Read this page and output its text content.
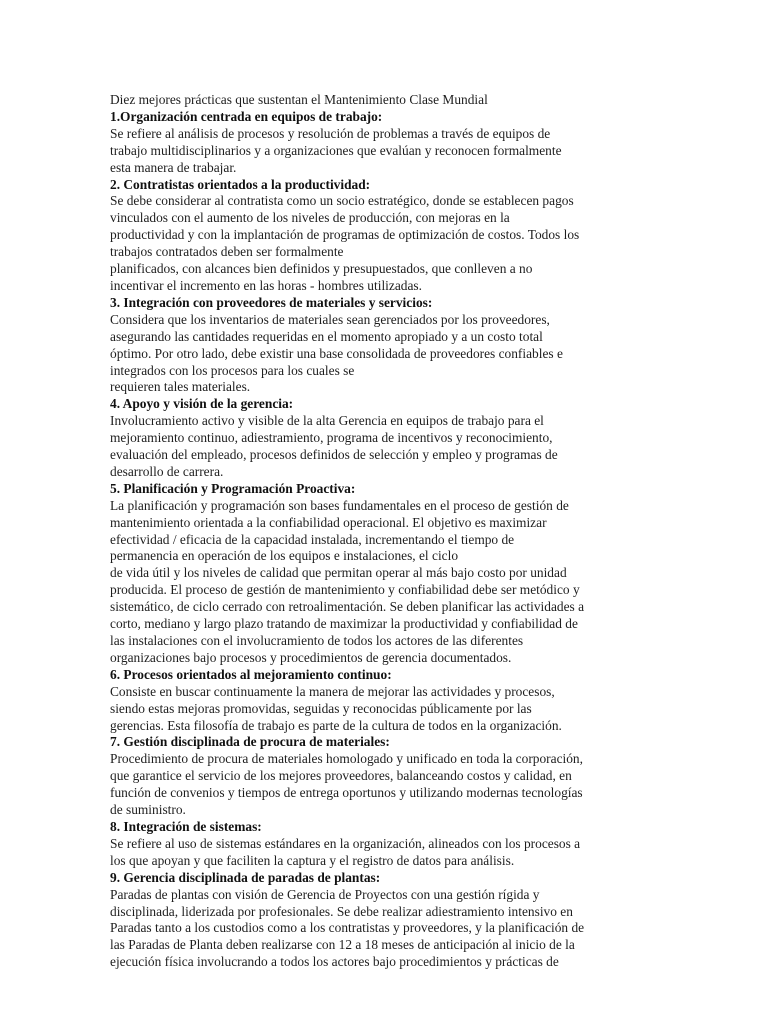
Diez mejores prácticas que sustentan el Mantenimiento Clase Mundial
1.Organización centrada en equipos de trabajo:
Se refiere al análisis de procesos y resolución de problemas a través de equipos de
trabajo multidisciplinarios y a organizaciones que evalúan y reconocen formalmente
esta manera de trabajar.
2. Contratistas orientados a la productividad:
Se debe considerar al contratista como un socio estratégico, donde se establecen pagos
vinculados con el aumento de los niveles de producción, con mejoras en la
productividad y con la implantación de programas de optimización de costos. Todos los
trabajos contratados deben ser formalmente
planificados, con alcances bien definidos y presupuestados, que conlleven a no
incentivar el incremento en las horas - hombres utilizadas.
3. Integración con proveedores de materiales y servicios:
Considera que los inventarios de materiales sean gerenciados por los proveedores,
asegurando las cantidades requeridas en el momento apropiado y a un costo total
óptimo. Por otro lado, debe existir una base consolidada de proveedores confiables e
integrados con los procesos para los cuales se
requieren tales materiales.
4. Apoyo y visión de la gerencia:
Involucramiento activo y visible de la alta Gerencia en equipos de trabajo para el
mejoramiento continuo, adiestramiento, programa de incentivos y reconocimiento,
evaluación del empleado, procesos definidos de selección y empleo y programas de
desarrollo de carrera.
5. Planificación y Programación Proactiva:
La planificación y programación son bases fundamentales en el proceso de gestión de
mantenimiento orientada a la confiabilidad operacional. El objetivo es maximizar
efectividad / eficacia de la capacidad instalada, incrementando el tiempo de
permanencia en operación de los equipos e instalaciones, el ciclo
de vida útil y los niveles de calidad que permitan operar al más bajo costo por unidad
producida. El proceso de gestión de mantenimiento y confiabilidad debe ser metódico y
sistemático, de ciclo cerrado con retroalimentación. Se deben planificar las actividades a
corto, mediano y largo plazo tratando de maximizar la productividad y confiabilidad de
las instalaciones con el involucramiento de todos los actores de las diferentes
organizaciones bajo procesos y procedimientos de gerencia documentados.
6. Procesos orientados al mejoramiento continuo:
Consiste en buscar continuamente la manera de mejorar las actividades y procesos,
siendo estas mejoras promovidas, seguidas y reconocidas públicamente por las
gerencias. Esta filosofía de trabajo es parte de la cultura de todos en la organización.
7. Gestión disciplinada de procura de materiales:
Procedimiento de procura de materiales homologado y unificado en toda la corporación,
que garantice el servicio de los mejores proveedores, balanceando costos y calidad, en
función de convenios y tiempos de entrega oportunos y utilizando modernas tecnologías
de suministro.
8. Integración de sistemas:
Se refiere al uso de sistemas estándares en la organización, alineados con los procesos a
los que apoyan y que faciliten la captura y el registro de datos para análisis.
9. Gerencia disciplinada de paradas de plantas:
Paradas de plantas con visión de Gerencia de Proyectos con una gestión rígida y
disciplinada, liderizada por profesionales. Se debe realizar adiestramiento intensivo en
Paradas tanto a los custodios como a los contratistas y proveedores, y la planificación de
las Paradas de Planta deben realizarse con 12 a 18 meses de anticipación al inicio de la
ejecución física involucrando a todos los actores bajo procedimientos y prácticas de
